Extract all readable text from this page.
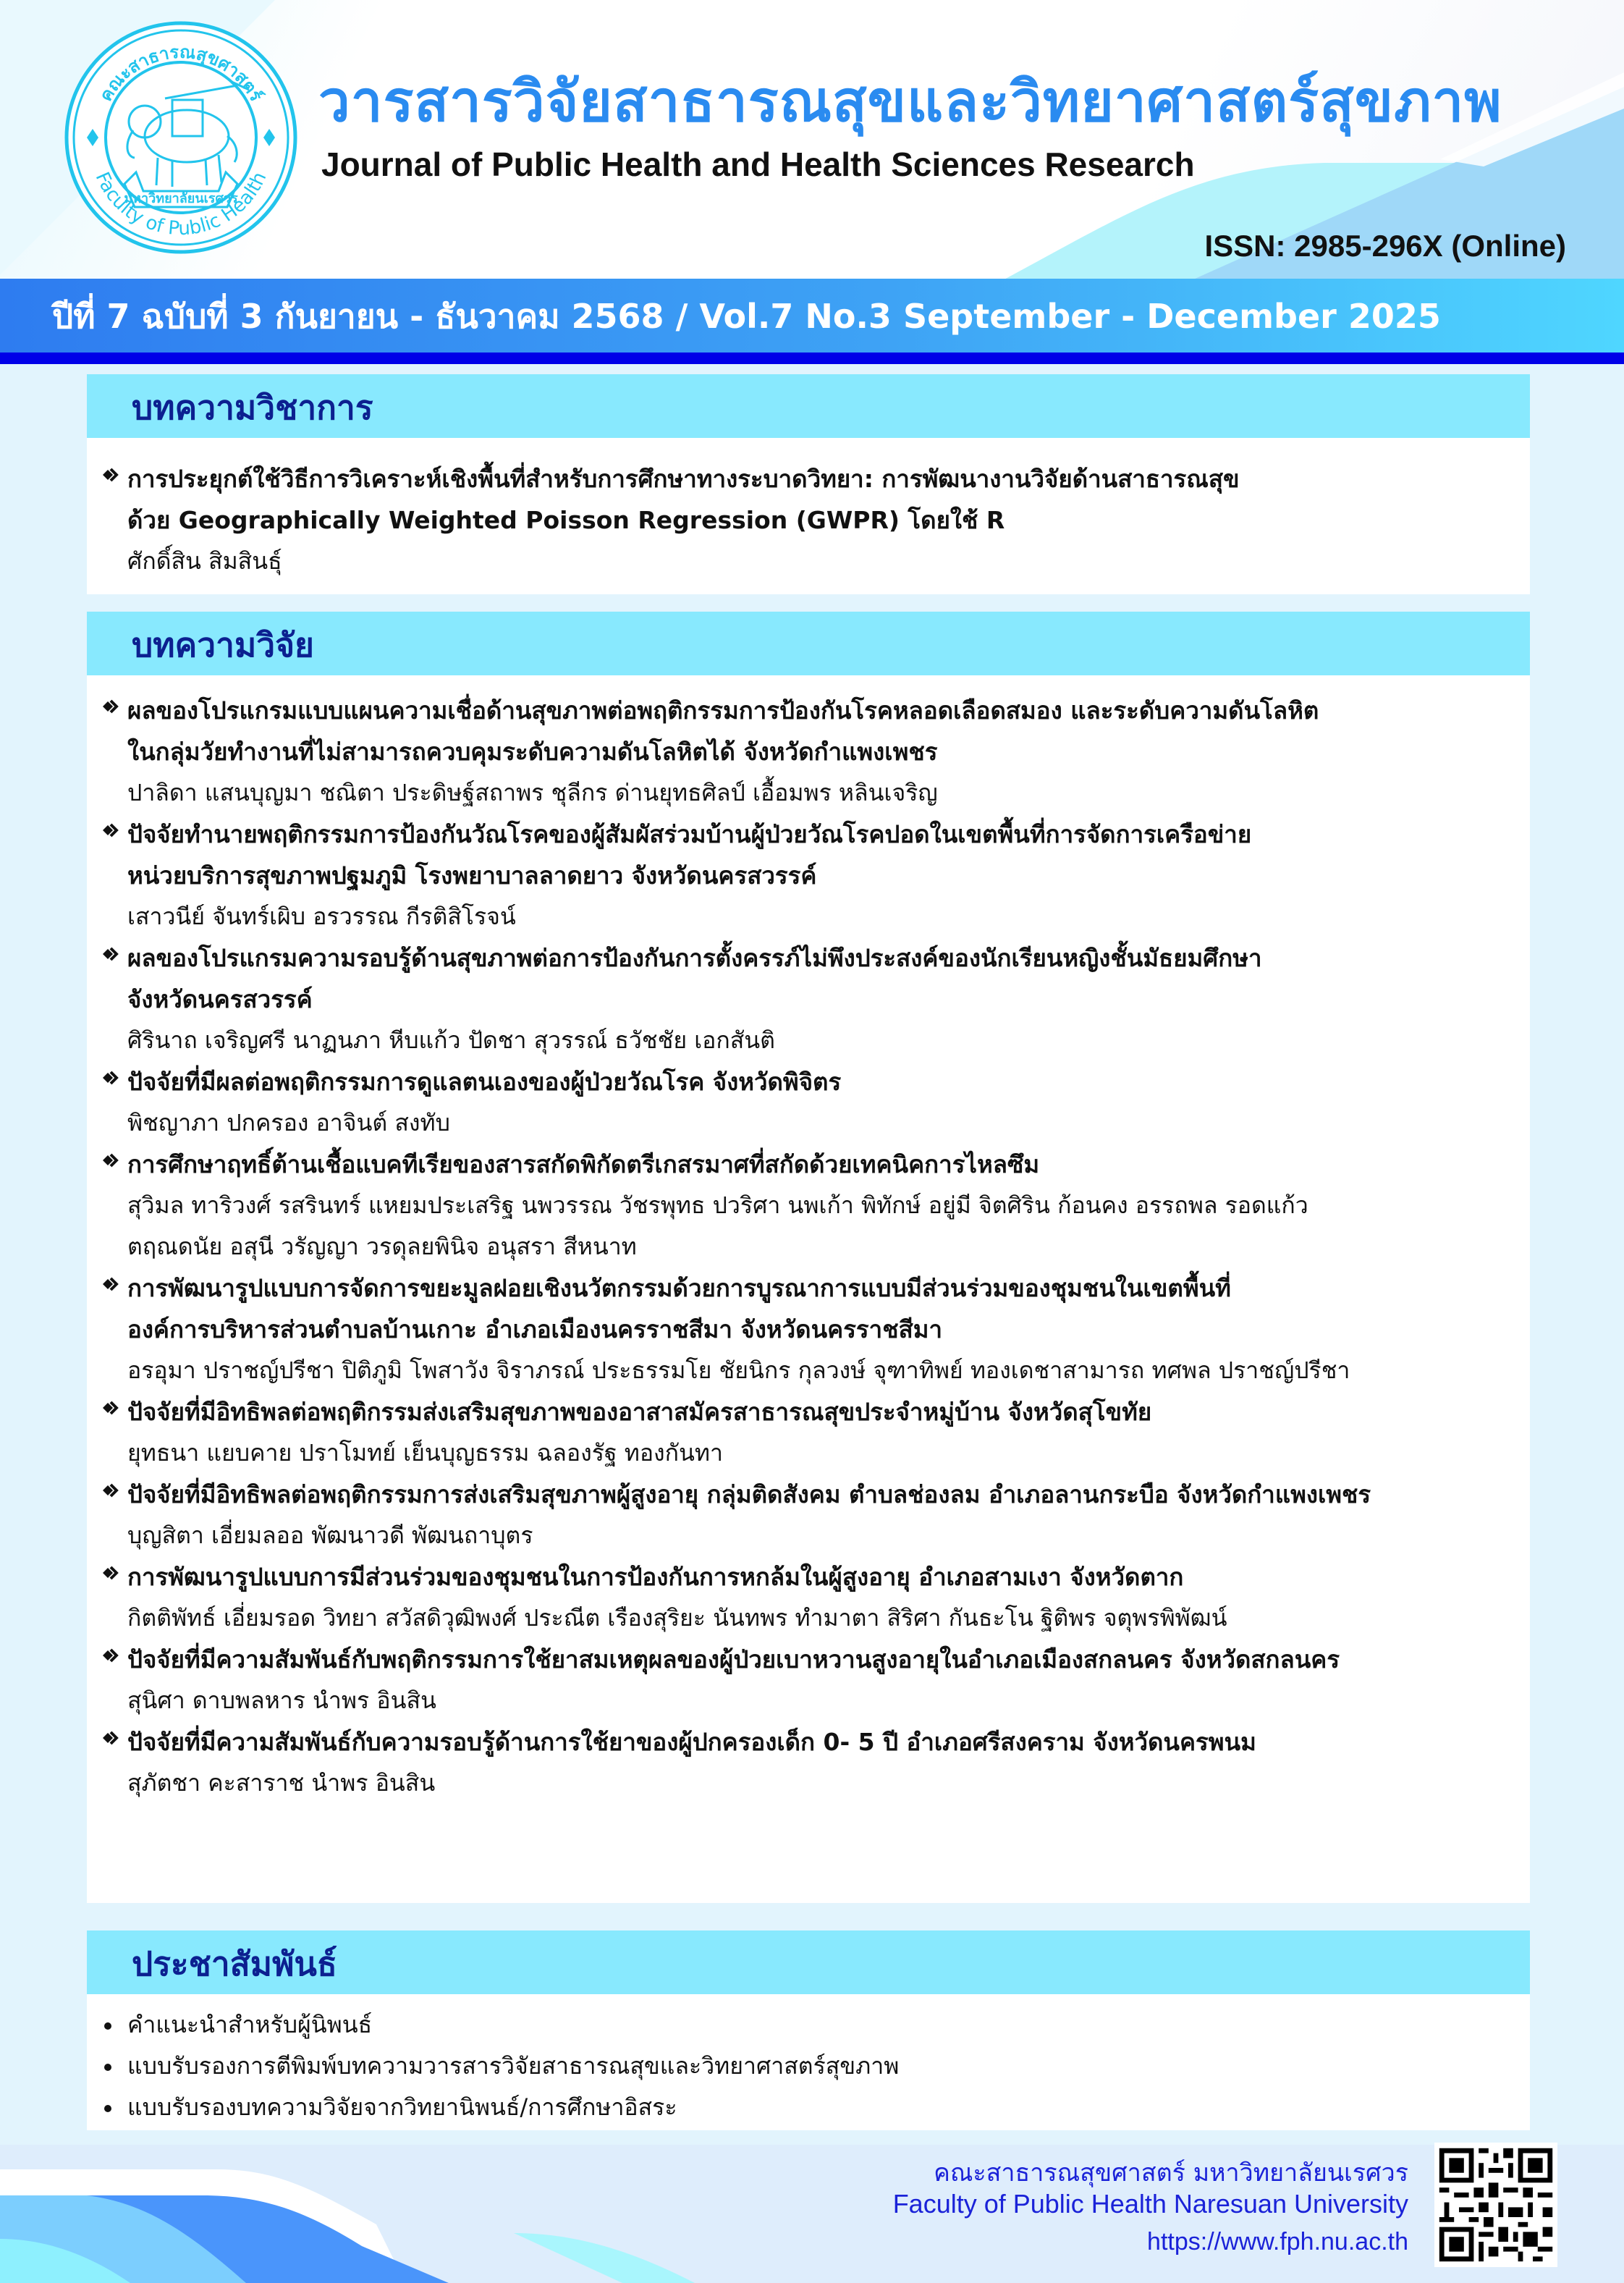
คณะสาธารณสุขศาสตร์
Faculty of Public Health
มหาวิทยาลัยนเรศวร
วารสารวิจัยสาธารณสุขและวิทยาศาสตร์สุขภาพ
Journal of Public Health and Health Sciences Research
ISSN: 2985-296X (Online)
ปีที่ 7 ฉบับที่ 3 กันยายน - ธันวาคม 2568 / Vol.7 No.3 September - December 2025
บทความวิชาการ
การประยุกต์ใช้วิธีการวิเคราะห์เชิงพื้นที่สำหรับการศึกษาทางระบาดวิทยา: การพัฒนางานวิจัยด้านสาธารณสุข
ด้วย Geographically Weighted Poisson Regression (GWPR) โดยใช้ R
ศักดิ์สิน สิมสินธุ์
บทความวิจัย
ผลของโปรแกรมแบบแผนความเชื่อด้านสุขภาพต่อพฤติกรรมการป้องกันโรคหลอดเลือดสมอง และระดับความดันโลหิต
ในกลุ่มวัยทำงานที่ไม่สามารถควบคุมระดับความดันโลหิตได้ จังหวัดกำแพงเพชร
ปาลิดา แสนบุญมา ชณิตา ประดิษฐ์สถาพร ชุลีกร ด่านยุทธศิลป์ เอื้อมพร หลินเจริญ
ปัจจัยทำนายพฤติกรรมการป้องกันวัณโรคของผู้สัมผัสร่วมบ้านผู้ป่วยวัณโรคปอดในเขตพื้นที่การจัดการเครือข่าย
หน่วยบริการสุขภาพปฐมภูมิ โรงพยาบาลลาดยาว จังหวัดนครสวรรค์
เสาวนีย์ จันทร์เผิบ อรวรรณ กีรติสิโรจน์
ผลของโปรแกรมความรอบรู้ด้านสุขภาพต่อการป้องกันการตั้งครรภ์ไม่พึงประสงค์ของนักเรียนหญิงชั้นมัธยมศึกษา
จังหวัดนครสวรรค์
ศิรินาถ เจริญศรี นาฏนภา หีบแก้ว ปัดชา สุวรรณ์ ธวัชชัย เอกสันติ
ปัจจัยที่มีผลต่อพฤติกรรมการดูแลตนเองของผู้ป่วยวัณโรค จังหวัดพิจิตร
พิชญาภา ปกครอง อาจินต์ สงทับ
การศึกษาฤทธิ์ต้านเชื้อแบคทีเรียของสารสกัดพิกัดตรีเกสรมาศที่สกัดด้วยเทคนิคการไหลซึม
สุวิมล ทาริวงศ์ รสรินทร์ แหยมประเสริฐ นพวรรณ วัชรพุทธ ปวริศา นพเก้า พิทักษ์ อยู่มี จิตศิริน ก้อนคง อรรถพล รอดแก้ว
ตฤณดนัย อสุนี วรัญญา วรดุลยพินิจ อนุสรา สีหนาท
การพัฒนารูปแบบการจัดการขยะมูลฝอยเชิงนวัตกรรมด้วยการบูรณาการแบบมีส่วนร่วมของชุมชนในเขตพื้นที่
องค์การบริหารส่วนตำบลบ้านเกาะ อำเภอเมืองนครราชสีมา จังหวัดนครราชสีมา
อรอุมา ปราชญ์ปรีชา ปิติภูมิ โพสาวัง จิราภรณ์ ประธรรมโย ชัยนิกร กุลวงษ์ จุฑาทิพย์ ทองเดชาสามารถ ทศพล ปราชญ์ปรีชา
ปัจจัยที่มีอิทธิพลต่อพฤติกรรมส่งเสริมสุขภาพของอาสาสมัครสาธารณสุขประจำหมู่บ้าน จังหวัดสุโขทัย
ยุทธนา แยบคาย ปราโมทย์ เย็นบุญธรรม ฉลองรัฐ ทองกันทา
ปัจจัยที่มีอิทธิพลต่อพฤติกรรมการส่งเสริมสุขภาพผู้สูงอายุ กลุ่มติดสังคม ตำบลช่องลม อำเภอลานกระบือ จังหวัดกำแพงเพชร
บุญสิตา เอี่ยมลออ พัฒนาวดี พัฒนถาบุตร
การพัฒนารูปแบบการมีส่วนร่วมของชุมชนในการป้องกันการหกล้มในผู้สูงอายุ อำเภอสามเงา จังหวัดตาก
กิตติพัทธ์ เอี่ยมรอด วิทยา สวัสดิวุฒิพงศ์ ประณีต เรืองสุริยะ นันทพร ทำมาตา สิริศา กันธะโน ฐิติพร จตุพรพิพัฒน์
ปัจจัยที่มีความสัมพันธ์กับพฤติกรรมการใช้ยาสมเหตุผลของผู้ป่วยเบาหวานสูงอายุในอำเภอเมืองสกลนคร จังหวัดสกลนคร
สุนิศา ดาบพลหาร นำพร อินสิน
ปัจจัยที่มีความสัมพันธ์กับความรอบรู้ด้านการใช้ยาของผู้ปกครองเด็ก 0- 5 ปี อำเภอศรีสงคราม จังหวัดนครพนม
สุภัตชา คะสาราช นำพร อินสิน
ประชาสัมพันธ์
คำแนะนำสำหรับผู้นิพนธ์
แบบรับรองการตีพิมพ์บทความวารสารวิจัยสาธารณสุขและวิทยาศาสตร์สุขภาพ
แบบรับรองบทความวิจัยจากวิทยานิพนธ์/การศึกษาอิสระ
คณะสาธารณสุขศาสตร์ มหาวิทยาลัยนเรศวร
Faculty of Public Health Naresuan University
https://www.fph.nu.ac.th
